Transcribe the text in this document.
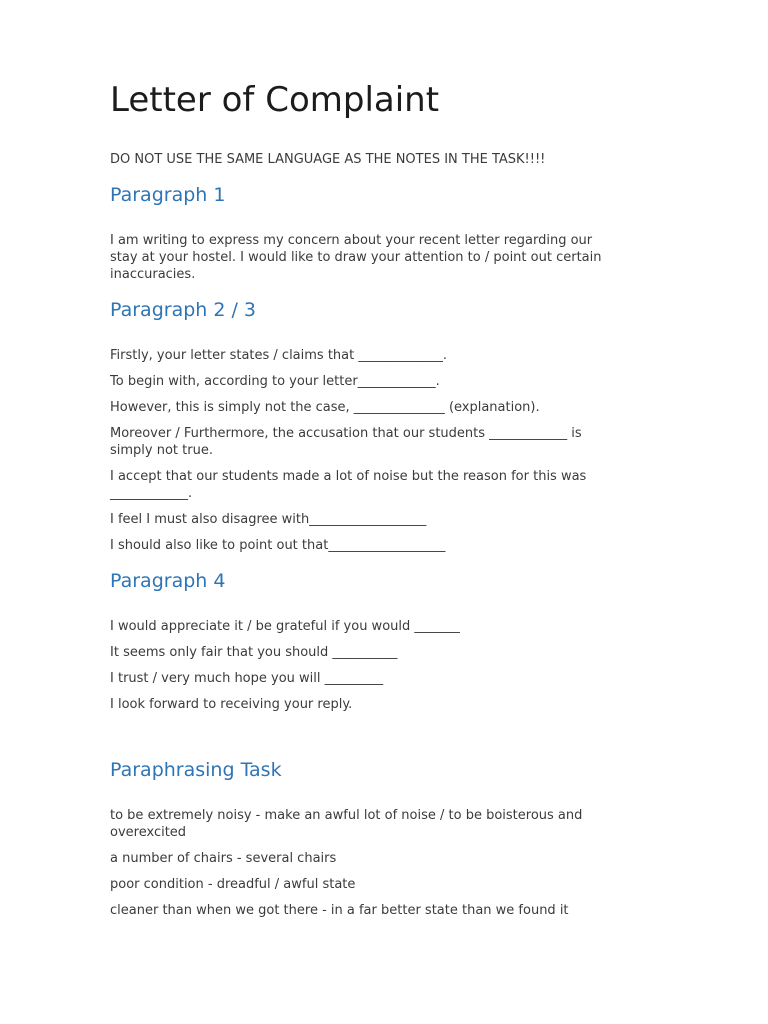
Letter of Complaint
DO NOT USE THE SAME LANGUAGE AS THE NOTES IN THE TASK!!!!
Paragraph 1
I am writing to express my concern about your recent letter regarding our
stay at your hostel. I would like to draw your attention to / point out certain
inaccuracies.
Paragraph 2 / 3
Firstly, your letter states / claims that _____________.
To begin with, according to your letter____________.
However, this is simply not the case, ______________ (explanation).
Moreover / Furthermore, the accusation that our students ____________ is
simply not true.
I accept that our students made a lot of noise but the reason for this was
____________.
I feel I must also disagree with__________________
I should also like to point out that__________________
Paragraph 4
I would appreciate it / be grateful if you would _______
It seems only fair that you should __________
I trust / very much hope you will _________
I look forward to receiving your reply.
Paraphrasing Task
to be extremely noisy - make an awful lot of noise / to be boisterous and
overexcited
a number of chairs - several chairs
poor condition - dreadful / awful state
cleaner than when we got there - in a far better state than we found it
